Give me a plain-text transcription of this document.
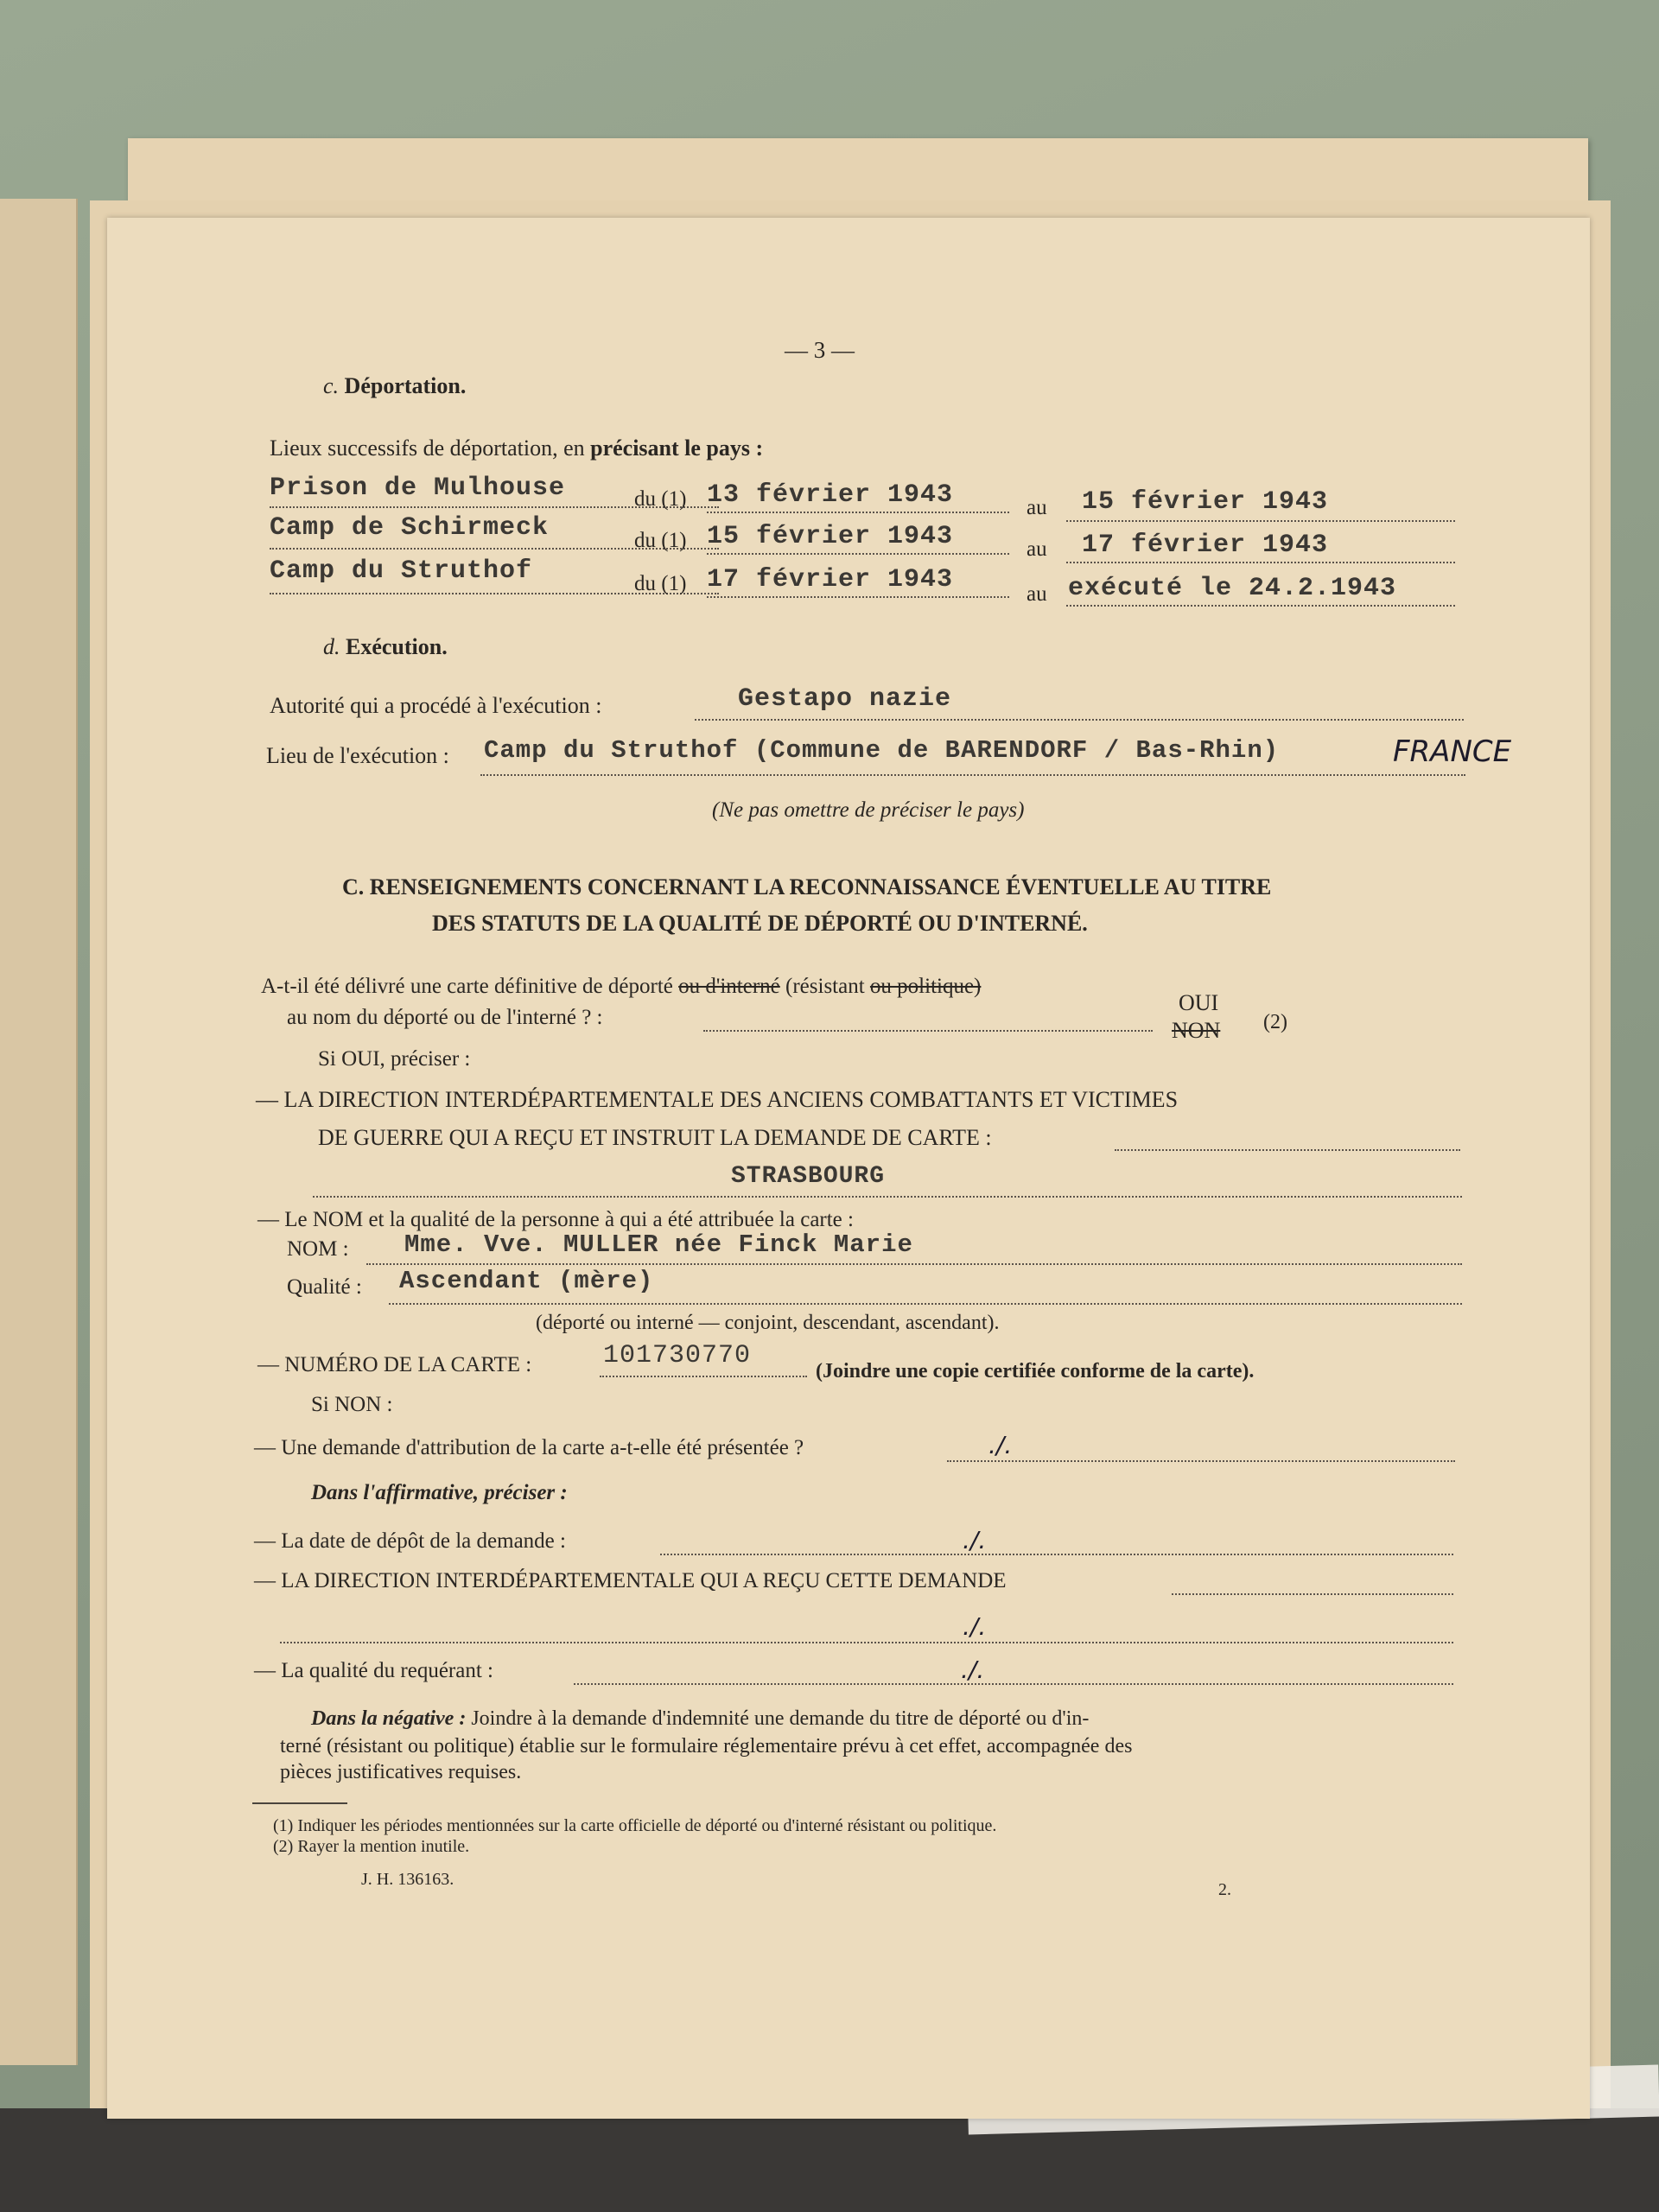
— 3 —
c. Déportation.
Lieux successifs de déportation, en précisant le pays :
Prison de Mulhouse	du (1) 13 février 1943	au 15 février 1943
Camp de Schirmeck	du (1) 15 février 1943	au 17 février 1943
Camp du Struthof	du (1) 17 février 1943	au exécuté le 24.2.1943
d. Exécution.
Autorité qui a procédé à l'exécution :	Gestapo nazie
Lieu de l'exécution : Camp du Struthof (Commune de BARENDORF / Bas-Rhin)	FRANCE
(Ne pas omettre de préciser le pays)
C. RENSEIGNEMENTS CONCERNANT LA RECONNAISSANCE ÉVENTUELLE AU TITRE
DES STATUTS DE LA QUALITÉ DE DÉPORTÉ OU D'INTERNÉ.
A-t-il été délivré une carte définitive de déporté ou d'interné (résistant ou politique)
OUI
au nom du déporté ou de l'interné ? :
NON (2)
Si OUI, préciser :
— LA DIRECTION INTERDÉPARTEMENTALE DES ANCIENS COMBATTANTS ET VICTIMES
DE GUERRE QUI A REÇU ET INSTRUIT LA DEMANDE DE CARTE :
STRASBOURG
— Le NOM et la qualité de la personne à qui a été attribuée la carte :
NOM : Mme. Vve. MULLER née Finck Marie
Qualité : Ascendant (mère)
(déporté ou interné — conjoint, descendant, ascendant).
— NUMÉRO DE LA CARTE :	101730770
(Joindre une copie certifiée conforme de la carte).
Si NON :
— Une demande d'attribution de la carte a-t-elle été présentée ?	./.
Dans l'affirmative, préciser :
— La date de dépôt de la demande :	./.
— LA DIRECTION INTERDÉPARTEMENTALE QUI A REÇU CETTE DEMANDE
./.
— La qualité du requérant :	./.
Dans la négative : Joindre à la demande d'indemnité une demande du titre de déporté ou d'in-
terné (résistant ou politique) établie sur le formulaire réglementaire prévu à cet effet, accompagnée des
pièces justificatives requises.
(1) Indiquer les périodes mentionnées sur la carte officielle de déporté ou d'interné résistant ou politique.
(2) Rayer la mention inutile.
J. H. 136163.
2.
